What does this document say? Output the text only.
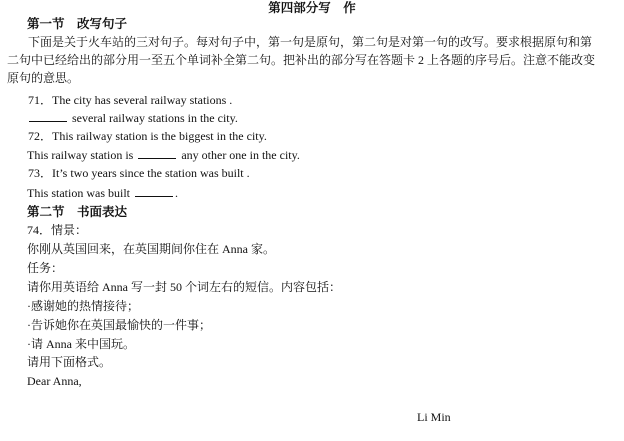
第四部分写　作
第一节　改写句子
下面是关于火车站的三对句子。每对句子中，第一句是原句，第二句是对第一句的改写。要求根据原句和第
二句中已经给出的部分用一至五个单词补全第二句。把补出的部分写在答题卡 2 上各题的序号后。注意不能改变
原句的意思。
71．The city has several railway stations .
several railway stations in the city.
72．This railway station is the biggest in the city.
This railway station is	any other one in the city.
73．It’s two years since the station was built .
This station was built	.
第二节　书面表达
74．情景：
你刚从英国回来，在英国期间你住在 Anna 家。
任务：
请你用英语给 Anna 写一封 50 个词左右的短信。内容包括：
·感谢她的热情接待；
·告诉她你在英国最愉快的一件事；
·请 Anna 来中国玩。
请用下面格式。
Dear Anna,
Li Min
